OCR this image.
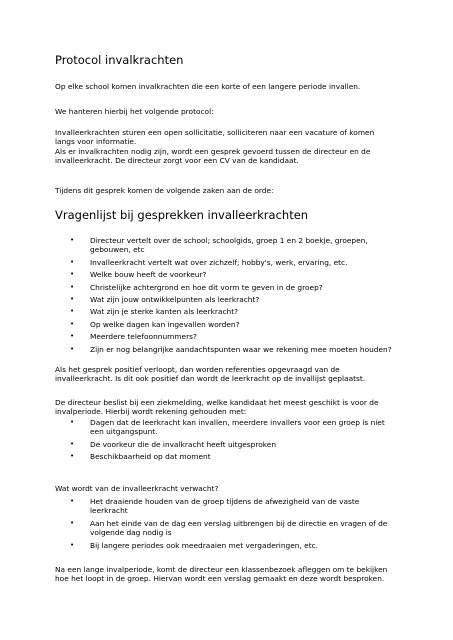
Protocol invalkrachten

Op elke school komen invalkrachten die een korte of een langere periode invallen.

We hanteren hierbij het volgende protocol:

Invalleerkrachten sturen een open sollicitatie, solliciteren naar een vacature of komen
langs voor informatie.
Als er invalkrachten nodig zijn, wordt een gesprek gevoerd tussen de directeur en de
invalleerkracht. De directeur zorgt voor een CV van de kandidaat.

Tijdens dit gesprek komen de volgende zaken aan de orde:

Vragenlijst bij gesprekken invalleerkrachten
• Directeur vertelt over de school; schoolgids, groep 1 en 2 boekje, groepen,
gebouwen, etc
• Invalleerkracht vertelt wat over zichzelf; hobby's, werk, ervaring, etc.
• Welke bouw heeft de voorkeur?
• Christelijke achtergrond en hoe dit vorm te geven in de groep?
• Wat zijn jouw ontwikkelpunten als leerkracht?
• Wat zijn je sterke kanten als leerkracht?
• Op welke dagen kan ingevallen worden?
• Meerdere telefoonnummers?
• Zijn er nog belangrijke aandachtspunten waar we rekening mee moeten houden?

Als het gesprek positief verloopt, dan worden referenties opgevraagd van de
invalleerkracht. Is dit ook positief dan wordt de leerkracht op de invallijst geplaatst.

De directeur beslist bij een ziekmelding, welke kandidaat het meest geschikt is voor de
invalperiode. Hierbij wordt rekening gehouden met:

• Dagen dat de leerkracht kan invallen, meerdere invallers voor een groep is niet
een uitgangspunt.
• De voorkeur die de invalkracht heeft uitgesproken
• Beschikbaarheid op dat moment

Wat wordt van de invalleerkracht verwacht?

• Het draaiende houden van de groep tijdens de afwezigheid van de vaste
leerkracht
• Aan het einde van de dag een verslag uitbrengen bij de directie en vragen of de
volgende dag nodig is
• Bij langere periodes ook meedraaien met vergaderingen, etc.

Na een lange invalperiode, komt de directeur een klassenbezoek afleggen om te bekijken
hoe het loopt in de groep. Hiervan wordt een verslag gemaakt en deze wordt besproken.
